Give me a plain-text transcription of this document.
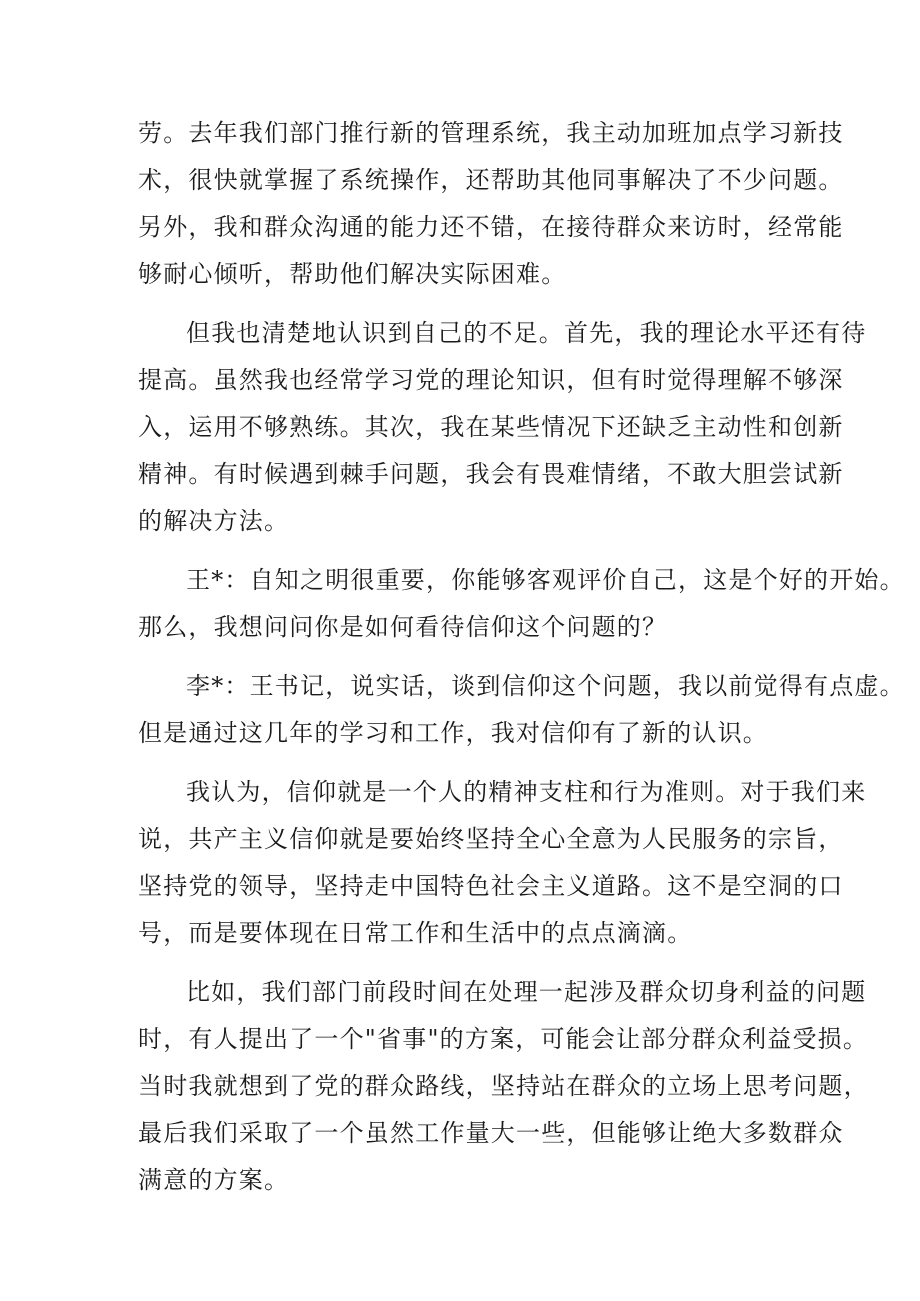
劳。去年我们部门推行新的管理系统，我主动加班加点学习新技
术，很快就掌握了系统操作，还帮助其他同事解决了不少问题。
另外，我和群众沟通的能力还不错，在接待群众来访时，经常能
够耐心倾听，帮助他们解决实际困难。

但我也清楚地认识到自己的不足。首先，我的理论水平还有待
提高。虽然我也经常学习党的理论知识，但有时觉得理解不够深
入，运用不够熟练。其次，我在某些情况下还缺乏主动性和创新
精神。有时候遇到棘手问题，我会有畏难情绪，不敢大胆尝试新
的解决方法。

王*：自知之明很重要，你能够客观评价自己，这是个好的开始。
那么，我想问问你是如何看待信仰这个问题的？

李*：王书记，说实话，谈到信仰这个问题，我以前觉得有点虚。
但是通过这几年的学习和工作，我对信仰有了新的认识。

我认为，信仰就是一个人的精神支柱和行为准则。对于我们来
说，共产主义信仰就是要始终坚持全心全意为人民服务的宗旨，
坚持党的领导，坚持走中国特色社会主义道路。这不是空洞的口
号，而是要体现在日常工作和生活中的点点滴滴。

比如，我们部门前段时间在处理一起涉及群众切身利益的问题
时，有人提出了一个"省事"的方案，可能会让部分群众利益受损。
当时我就想到了党的群众路线，坚持站在群众的立场上思考问题，
最后我们采取了一个虽然工作量大一些，但能够让绝大多数群众
满意的方案。
